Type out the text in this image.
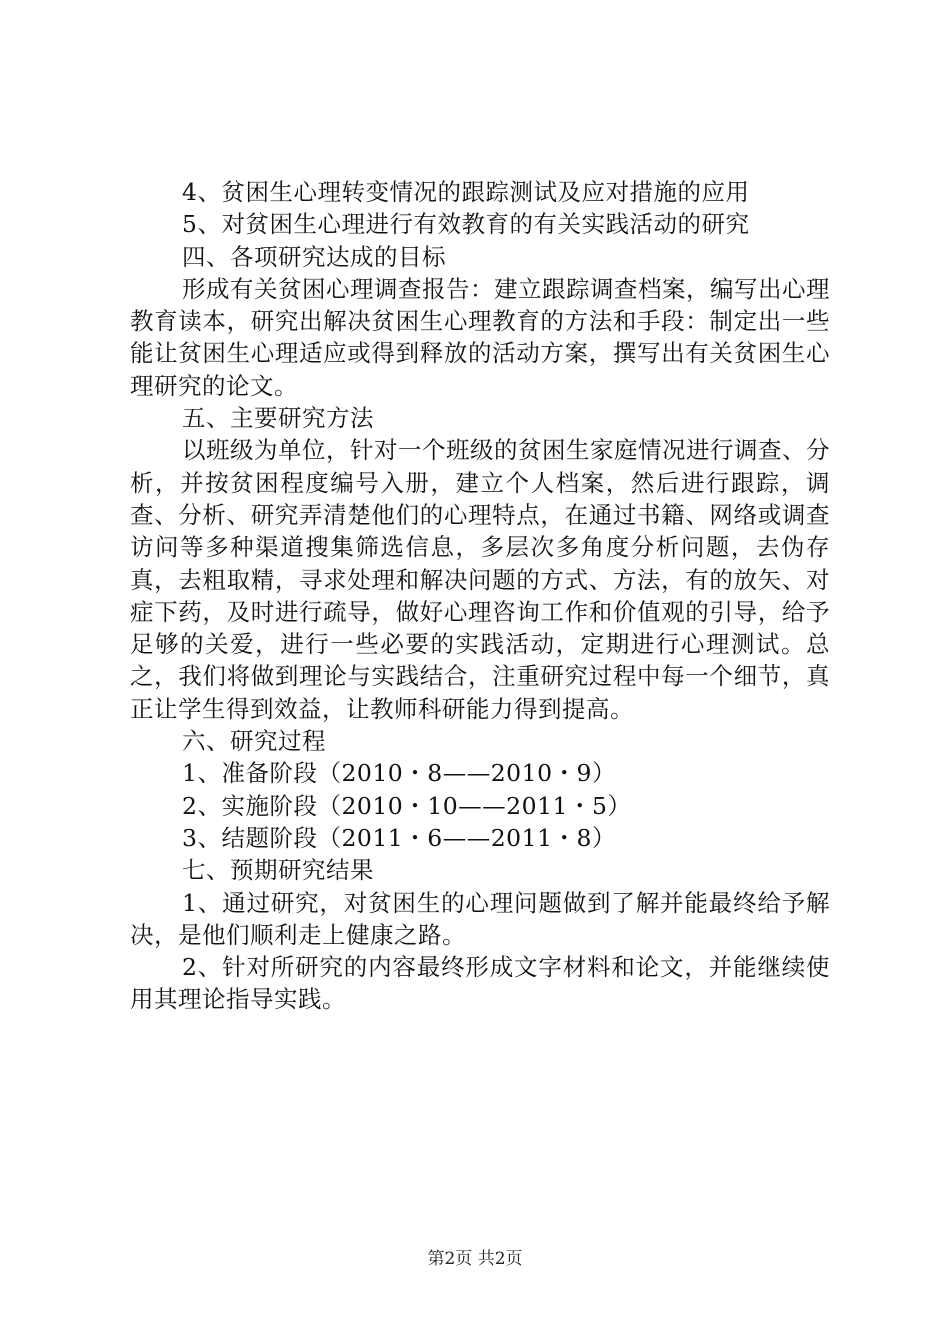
4、贫困生心理转变情况的跟踪测试及应对措施的应用
5、对贫困生心理进行有效教育的有关实践活动的研究
四、各项研究达成的目标
形成有关贫困心理调查报告：建立跟踪调查档案，编写出心理教育读本，研究出解决贫困生心理教育的方法和手段：制定出一些能让贫困生心理适应或得到释放的活动方案，撰写出有关贫困生心理研究的论文。
五、主要研究方法
以班级为单位，针对一个班级的贫困生家庭情况进行调查、分析，并按贫困程度编号入册，建立个人档案，然后进行跟踪，调查、分析、研究弄清楚他们的心理特点，在通过书籍、网络或调查访问等多种渠道搜集筛选信息，多层次多角度分析问题，去伪存真，去粗取精，寻求处理和解决问题的方式、方法，有的放矢、对症下药，及时进行疏导，做好心理咨询工作和价值观的引导，给予足够的关爱，进行一些必要的实践活动，定期进行心理测试。总之，我们将做到理论与实践结合，注重研究过程中每一个细节，真正让学生得到效益，让教师科研能力得到提高。
六、研究过程
1、准备阶段（2010・8——2010・9）
2、实施阶段（2010・10——2011・5）
3、结题阶段（2011・6——2011・8）
七、预期研究结果
1、通过研究，对贫困生的心理问题做到了解并能最终给予解决，是他们顺利走上健康之路。
2、针对所研究的内容最终形成文字材料和论文，并能继续使用其理论指导实践。
第2页 共2页
